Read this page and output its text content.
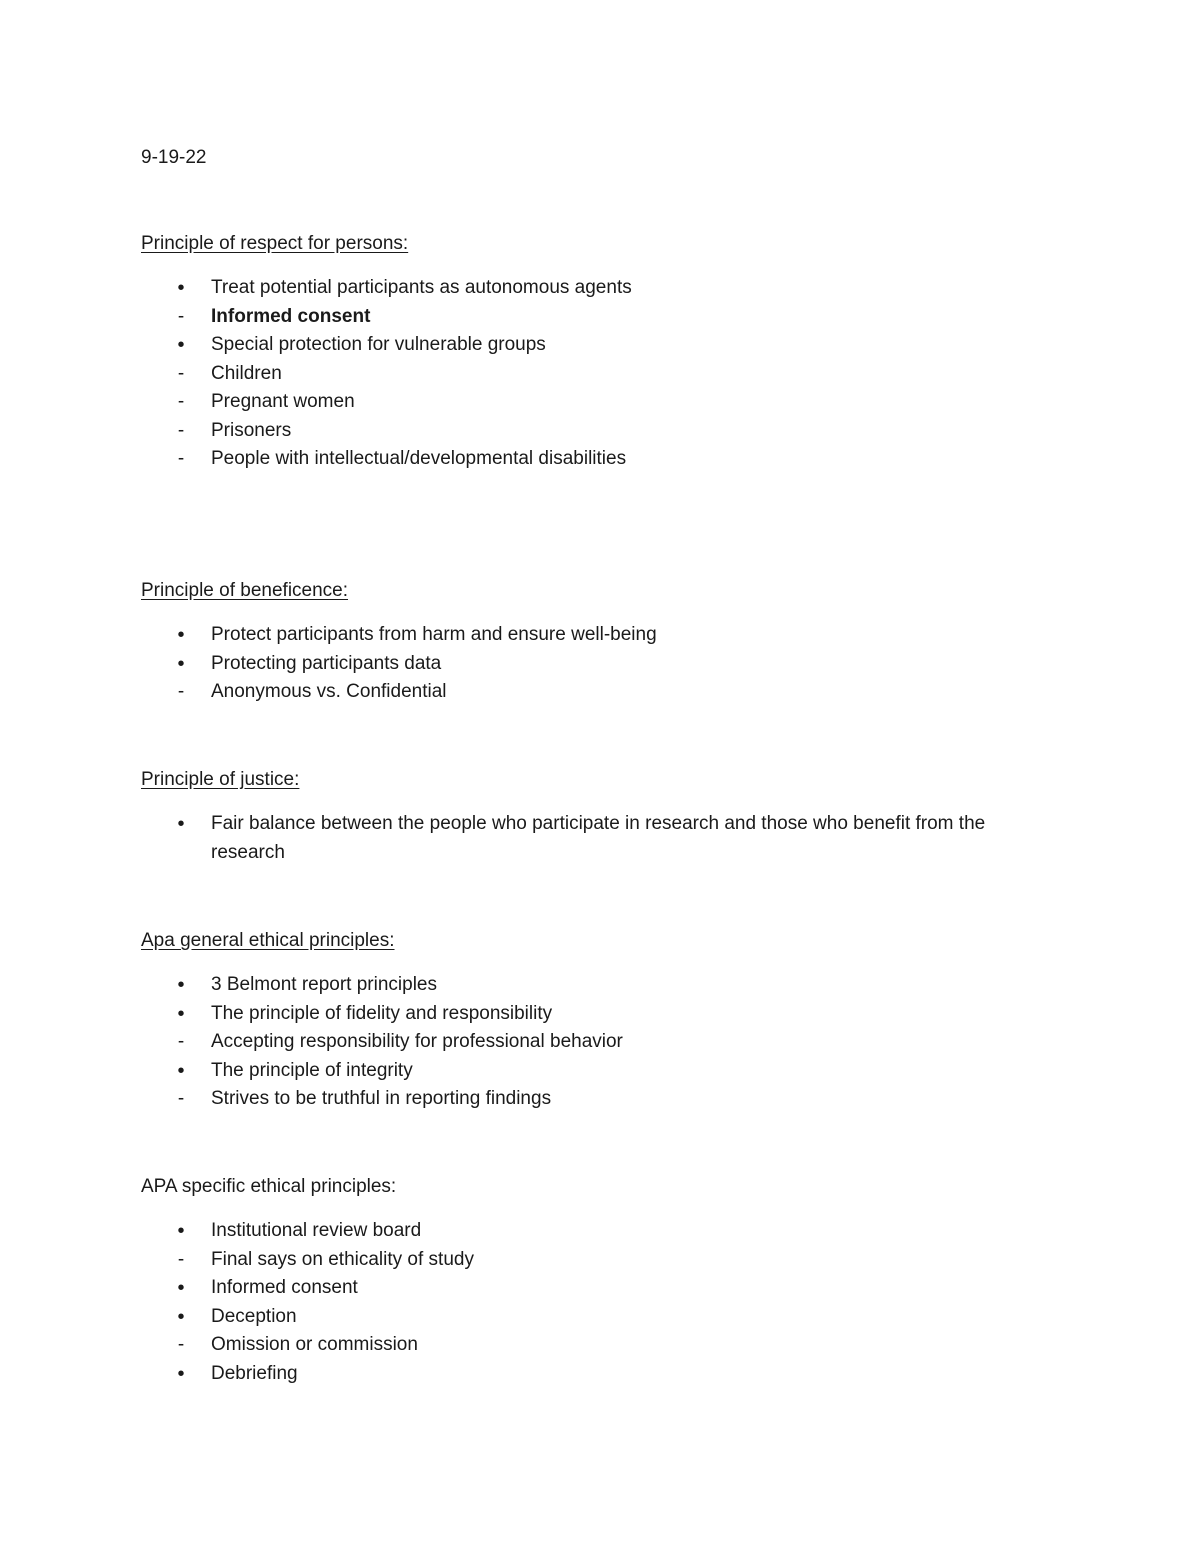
9-19-22
Principle of respect for persons:
• Treat potential participants as autonomous agents
- Informed consent
• Special protection for vulnerable groups
- Children
- Pregnant women
- Prisoners
- People with intellectual/developmental disabilities
Principle of beneficence:
• Protect participants from harm and ensure well-being
• Protecting participants data
- Anonymous vs. Confidential
Principle of justice:
• Fair balance between the people who participate in research and those who benefit from the research
Apa general ethical principles:
• 3 Belmont report principles
• The principle of fidelity and responsibility
- Accepting responsibility for professional behavior
• The principle of integrity
- Strives to be truthful in reporting findings
APA specific ethical principles:
• Institutional review board
- Final says on ethicality of study
• Informed consent
• Deception
- Omission or commission
• Debriefing
